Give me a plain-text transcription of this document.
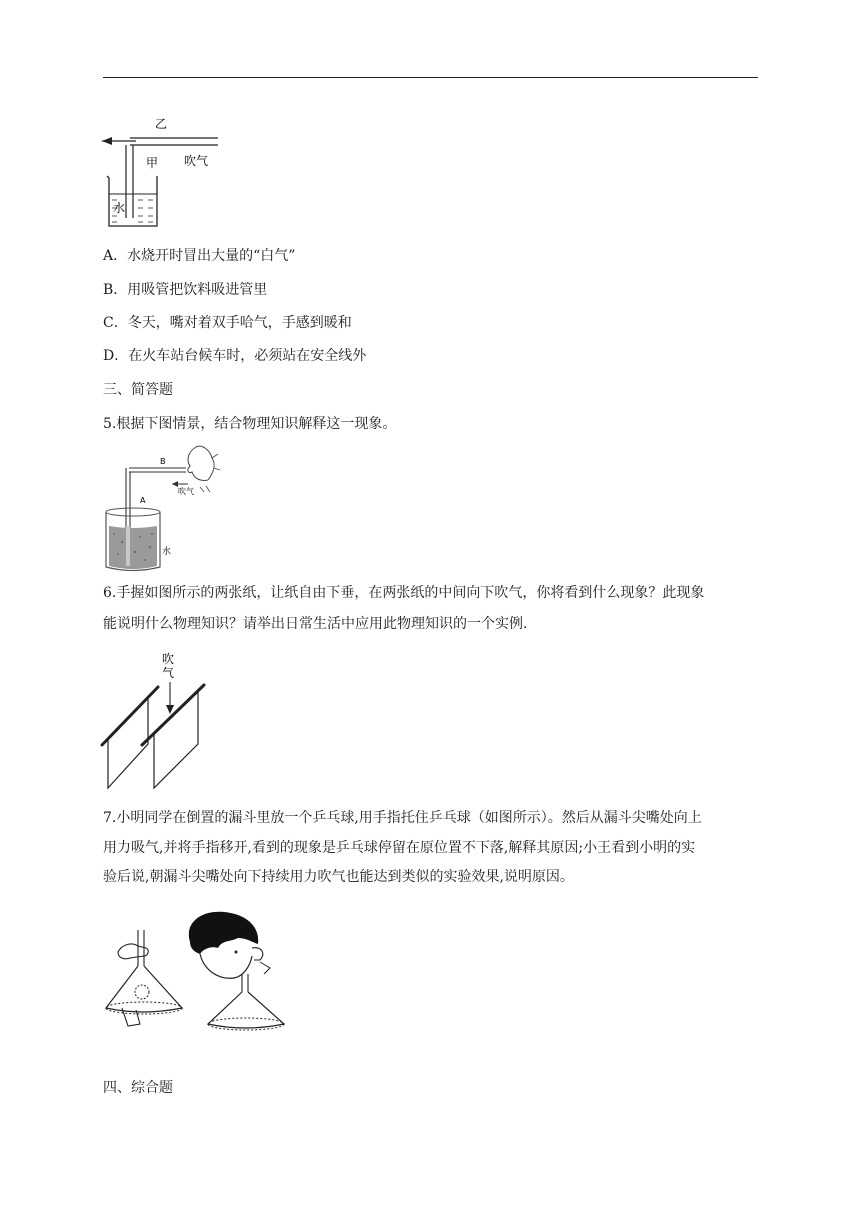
乙
甲 吹气
水
A．水烧开时冒出大量的“白气”
B．用吸管把饮料吸进管里
C．冬天，嘴对着双手哈气，手感到暖和
D．在火车站台候车时，必须站在安全线外
三、简答题
5.根据下图情景，结合物理知识解释这一现象。
A
B
吹气
水
6.手握如图所示的两张纸，让纸自由下垂，在两张纸的中间向下吹气，你将看到什么现象？此现象
能说明什么物理知识？请举出日常生活中应用此物理知识的一个实例.
吹
气
7.小明同学在倒置的漏斗里放一个乒乓球,用手指托住乒乓球（如图所示）。然后从漏斗尖嘴处向上
用力吸气,并将手指移开,看到的现象是乒乓球停留在原位置不下落,解释其原因;小王看到小明的实
验后说,朝漏斗尖嘴处向下持续用力吹气也能达到类似的实验效果,说明原因。
四、综合题
